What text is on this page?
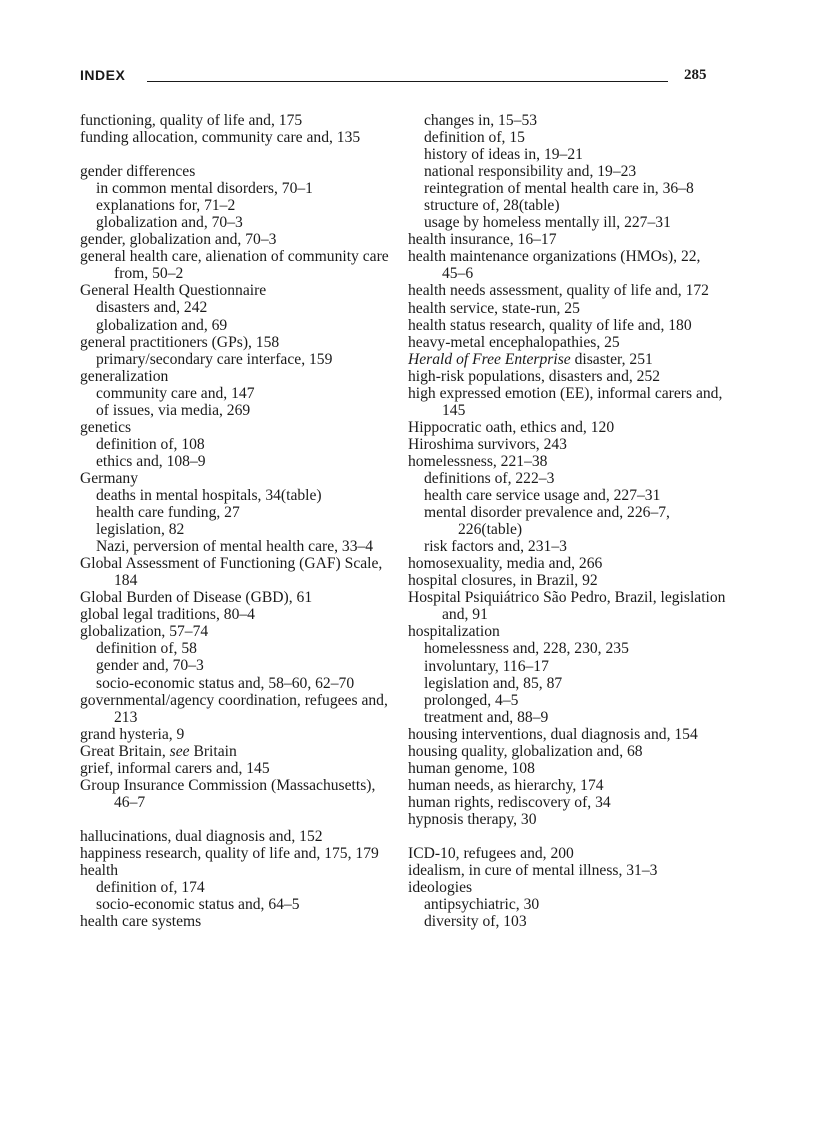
INDEX	285
functioning, quality of life and, 175
funding allocation, community care and, 135
gender differences
in common mental disorders, 70–1
explanations for, 71–2
globalization and, 70–3
gender, globalization and, 70–3
general health care, alienation of community care from, 50–2
General Health Questionnaire
disasters and, 242
globalization and, 69
general practitioners (GPs), 158
primary/secondary care interface, 159
generalization
community care and, 147
of issues, via media, 269
genetics
definition of, 108
ethics and, 108–9
Germany
deaths in mental hospitals, 34(table)
health care funding, 27
legislation, 82
Nazi, perversion of mental health care, 33–4
Global Assessment of Functioning (GAF) Scale, 184
Global Burden of Disease (GBD), 61
global legal traditions, 80–4
globalization, 57–74
definition of, 58
gender and, 70–3
socio-economic status and, 58–60, 62–70
governmental/agency coordination, refugees and, 213
grand hysteria, 9
Great Britain, see Britain
grief, informal carers and, 145
Group Insurance Commission (Massachusetts), 46–7
hallucinations, dual diagnosis and, 152
happiness research, quality of life and, 175, 179
health
definition of, 174
socio-economic status and, 64–5
health care systems
changes in, 15–53
definition of, 15
history of ideas in, 19–21
national responsibility and, 19–23
reintegration of mental health care in, 36–8
structure of, 28(table)
usage by homeless mentally ill, 227–31
health insurance, 16–17
health maintenance organizations (HMOs), 22, 45–6
health needs assessment, quality of life and, 172
health service, state-run, 25
health status research, quality of life and, 180
heavy-metal encephalopathies, 25
Herald of Free Enterprise disaster, 251
high-risk populations, disasters and, 252
high expressed emotion (EE), informal carers and, 145
Hippocratic oath, ethics and, 120
Hiroshima survivors, 243
homelessness, 221–38
definitions of, 222–3
health care service usage and, 227–31
mental disorder prevalence and, 226–7, 226(table)
risk factors and, 231–3
homosexuality, media and, 266
hospital closures, in Brazil, 92
Hospital Psiquiátrico São Pedro, Brazil, legislation and, 91
hospitalization
homelessness and, 228, 230, 235
involuntary, 116–17
legislation and, 85, 87
prolonged, 4–5
treatment and, 88–9
housing interventions, dual diagnosis and, 154
housing quality, globalization and, 68
human genome, 108
human needs, as hierarchy, 174
human rights, rediscovery of, 34
hypnosis therapy, 30
ICD-10, refugees and, 200
idealism, in cure of mental illness, 31–3
ideologies
antipsychiatric, 30
diversity of, 103
